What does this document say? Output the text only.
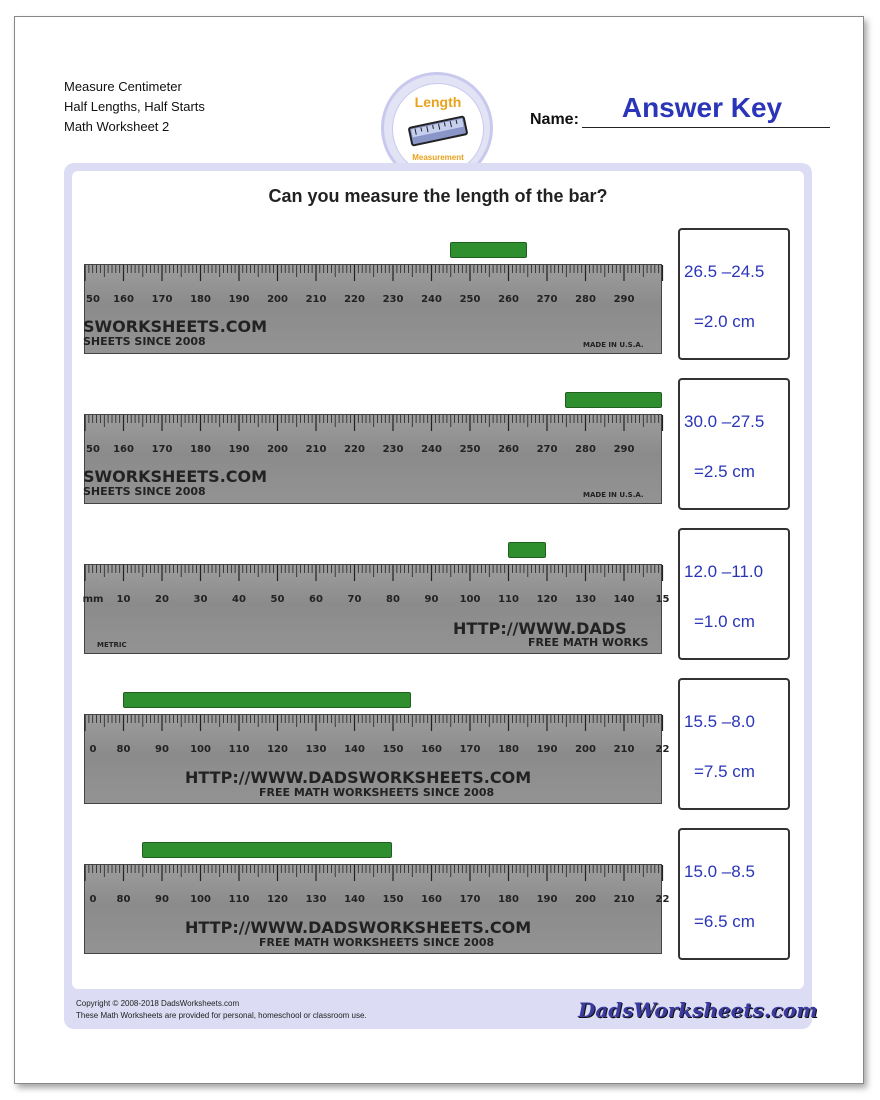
Measure Centimeter
Half Lengths, Half Starts
Math Worksheet 2
Length
Measurement
Name:	Answer Key
Can you measure the length of the bar?
50 160 170 180 190 200 210 220 230 240 250 260 270 280 290
SWORKSHEETS.COM
SHEETS SINCE 2008	MADE IN U.S.A.
26.5 –24.5
=2.0 cm
50 160 170 180 190 200 210 220 230 240 250 260 270 280 290
SWORKSHEETS.COM
SHEETS SINCE 2008	MADE IN U.S.A.
30.0 –27.5
=2.5 cm
mm 10 20 30 40 50 60 70 80 90 100 110 120 130 140 15
HTTP://WWW.DADS
FREE MATH WORKS
METRIC
12.0 –11.0
=1.0 cm
0 80 90 100 110 120 130 140 150 160 170 180 190 200 210 22
HTTP://WWW.DADSWORKSHEETS.COM
FREE MATH WORKSHEETS SINCE 2008
15.5 –8.0
=7.5 cm
0 80 90 100 110 120 130 140 150 160 170 180 190 200 210 22
HTTP://WWW.DADSWORKSHEETS.COM
FREE MATH WORKSHEETS SINCE 2008
15.0 –8.5
=6.5 cm
Copyright © 2008-2018 DadsWorksheets.com
These Math Worksheets are provided for personal, homeschool or classroom use.	DadsWorksheets.com
